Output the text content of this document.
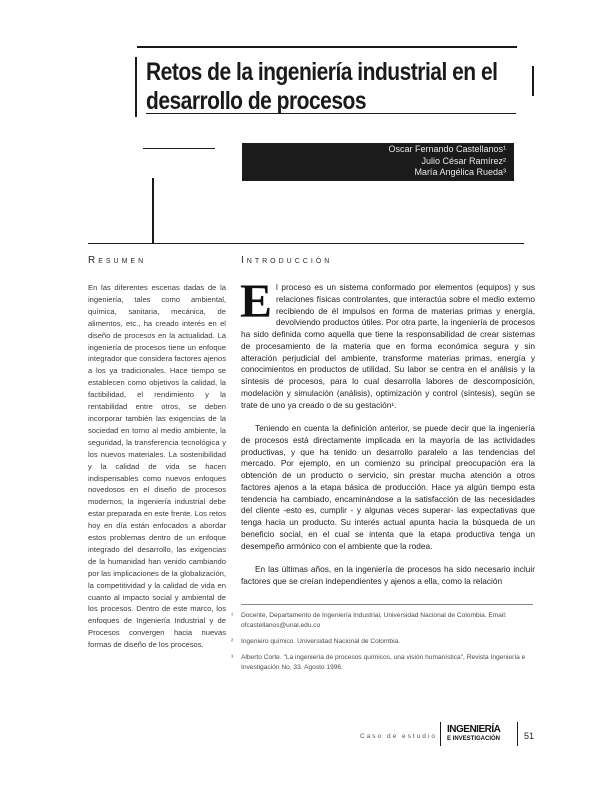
Retos de la ingeniería industrial en el
desarrollo de procesos
Oscar Fernando Castellanos¹
Julio César Ramírez²
María Angélica Rueda³
Resumen	Introducción
En las diferentes escenas dadas de la ingeniería, tales como ambiental, química, sanitaria, mecánica, de alimentos, etc., ha creado interés en el diseño de procesos en la actualidad. La ingeniería de procesos tiene un enfoque integrador que considera factores ajenos a los ya tradicionales. Hace tiempo se establecen como objetivos la calidad, la factibilidad, el rendimiento y la rentabilidad entre otros, se deben incorporar también las exigencias de la sociedad en torno al medio ambiente, la seguridad, la transferencia tecnológica y los nuevos materiales. La sostenibilidad y la calidad de vida se hacen indispensables como nuevos enfoques novedosos en el diseño de procesos modernos, la ingeniería industrial debe estar preparada en este frente. Los retos hoy en día están enfocados a abordar estos problemas dentro de un enfoque integrado del desarrollo, las exigencias de la humanidad han venido cambiando por las implicaciones de la globalización, la competitividad y la calidad de vida en cuanto al impacto social y ambiental de los procesos. Dentro de este marco, los enfoques de Ingeniería Industrial y de Procesos convergen hacia nuevas formas de diseño de los procesos.

El proceso es un sistema conformado por elementos (equipos) y sus relaciones físicas controlantes, que interactúa sobre el medio externo recibiendo de él impulsos en forma de materias primas y energía, devolviendo productos útiles. Por otra parte, la ingeniería de procesos ha sido definida como aquella que tiene la responsabilidad de crear sistemas de procesamiento de la materia que en forma económica segura y sin alteración perjudicial del ambiente, transforme materias primas, energía y conocimientos en productos de utilidad. Su labor se centra en el análisis y la síntesis de procesos, para lo cual desarrolla labores de descomposición, modelación y simulación (análisis), optimización y control (síntesis), según se trate de uno ya creado o de su gestación¹.

Teniendo en cuenta la definición anterior, se puede decir que la ingeniería de procesos está directamente implicada en la mayoría de las actividades productivas, y que ha tenido un desarrollo paralelo a las tendencias del mercado. Por ejemplo, en un comienzo su principal preocupación era la obtención de un producto o servicio, sin prestar mucha atención a otros factores ajenos a la etapa básica de producción. Hace ya algún tiempo esta tendencia ha cambiado, encaminándose a la satisfacción de las necesidades del cliente -esto es, cumplir - y algunas veces superar- las expectativas que tenga hacia un producto. Su interés actual apunta hacia la búsqueda de un beneficio social, en el cual se intenta que la etapa productiva tenga un desempeño armónico con el ambiente que la rodea.

En las últimas años, en la ingeniería de procesos ha sido necesario incluir factores que se creían independientes y ajenos a ella, como la relación

¹ Docente, Departamento de Ingeniería Industrial, Universidad Nacional de Colombia. Email: ofcastellanos@unal.edu.co
² Ingeniero químico. Universidad Nacional de Colombia.
³ Alberto Corte. "La ingeniería de procesos químicos, una visión humanística", Revista Ingeniería e Investigación No. 33. Agosto 1996.
Caso de estudio
INGENIERÍA
E INVESTIGACIÓN	51
